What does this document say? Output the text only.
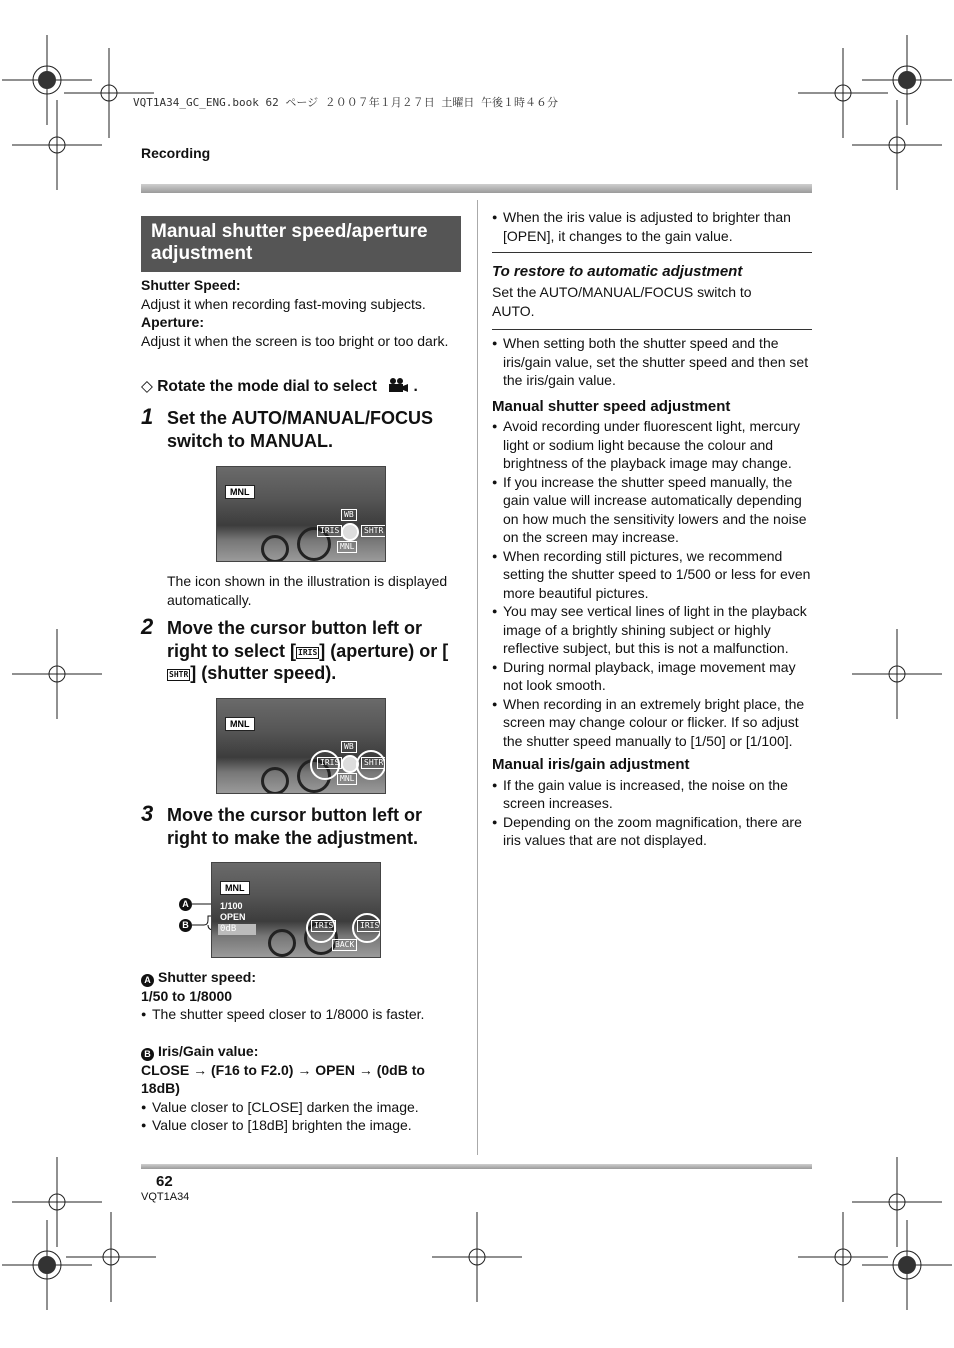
VQT1A34_GC_ENG.book 62 ページ ２００７年１月２７日 土曜日 午後１時４６分
Recording
Manual shutter speed/aperture adjustment
Shutter Speed:
Adjust it when recording fast-moving subjects.
Aperture:
Adjust it when the screen is too bright or too dark.
◇ Rotate the mode dial to select .
1 Set the AUTO/MANUAL/FOCUS switch to MANUAL.
MNL
WB
IRIS	SHTR
MNL
The icon shown in the illustration is displayed automatically.
2 Move the cursor button left or right to select [ IRIS ] (aperture) or [SHTR ] (shutter speed).
MNL
WB
IRIS	SHTR
MNL
3 Move the cursor button left or right to make the adjustment.
A
B
MNL
1/100
OPEN
0dB	IRIS	IRIS
BACK
A Shutter speed:
1/50 to 1/8000
● The shutter speed closer to 1/8000 is faster.
B Iris/Gain value:
CLOSE → (F16 to F2.0) → OPEN → (0dB to 18dB)
● Value closer to [CLOSE] darken the image.
● Value closer to [18dB] brighten the image.
● When the iris value is adjusted to brighter than [OPEN], it changes to the gain value.
To restore to automatic adjustment
Set the AUTO/MANUAL/FOCUS switch to AUTO.
● When setting both the shutter speed and the iris/gain value, set the shutter speed and then set the iris/gain value.
Manual shutter speed adjustment
● Avoid recording under fluorescent light, mercury light or sodium light because the colour and brightness of the playback image may change.
● If you increase the shutter speed manually, the gain value will increase automatically depending on how much the sensitivity lowers and the noise on the screen may increase.
● When recording still pictures, we recommend setting the shutter speed to 1/500 or less for even more beautiful pictures.
● You may see vertical lines of light in the playback image of a brightly shining subject or highly reflective subject, but this is not a malfunction.
● During normal playback, image movement may not look smooth.
● When recording in an extremely bright place, the screen may change colour or flicker. If so adjust the shutter speed manually to [1/50] or [1/100].
Manual iris/gain adjustment
● If the gain value is increased, the noise on the screen increases.
● Depending on the zoom magnification, there are iris values that are not displayed.
62
VQT1A34
